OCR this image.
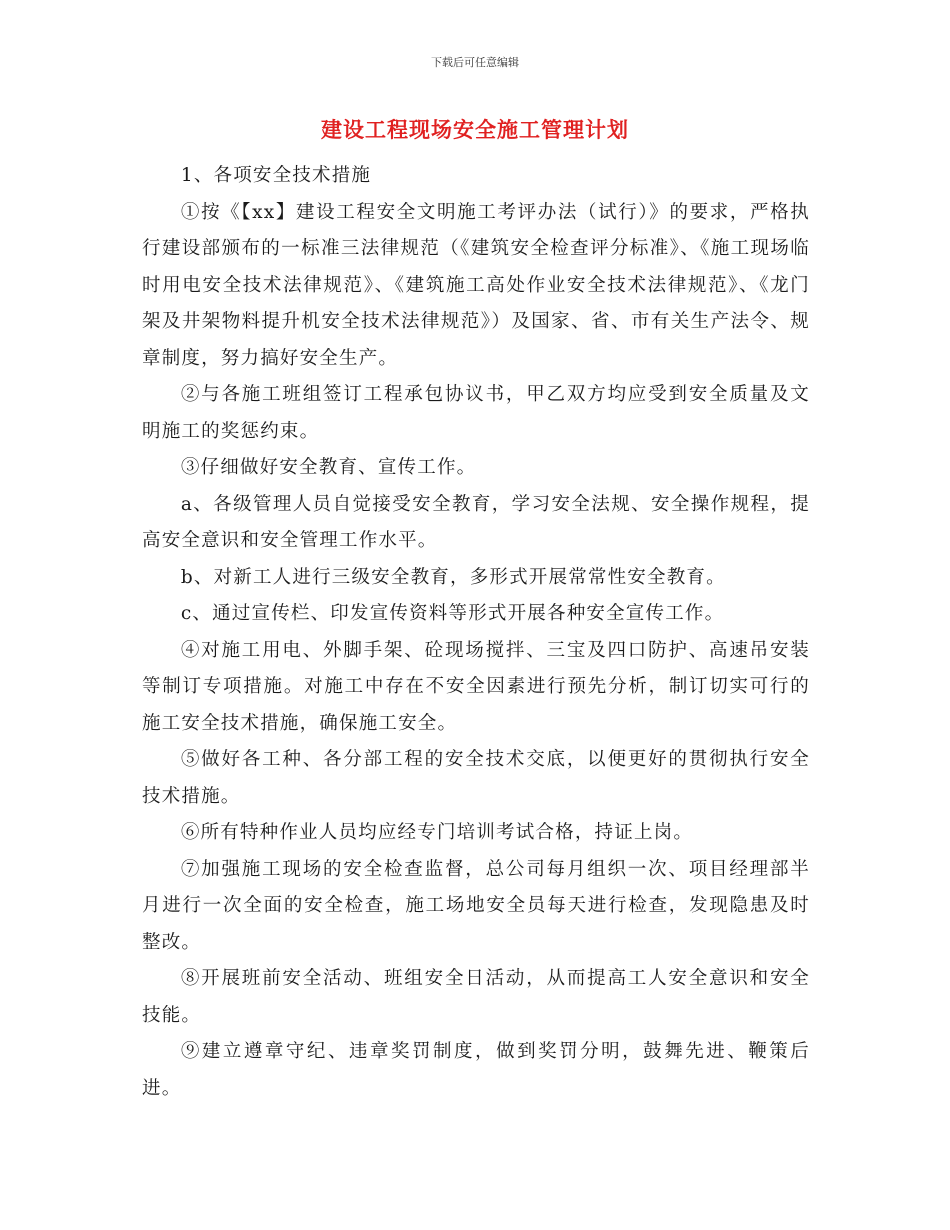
下载后可任意编辑
建设工程现场安全施工管理计划

1、各项安全技术措施

①按《【xx】建设工程安全文明施工考评办法（试行）》的要求，严格执行建设部颁布的一标准三法律规范（《建筑安全检查评分标准》、《施工现场临时用电安全技术法律规范》、《建筑施工高处作业安全技术法律规范》、《龙门架及井架物料提升机安全技术法律规范》）及国家、省、市有关生产法令、规章制度，努力搞好安全生产。

②与各施工班组签订工程承包协议书，甲乙双方均应受到安全质量及文明施工的奖惩约束。

③仔细做好安全教育、宣传工作。

a、各级管理人员自觉接受安全教育，学习安全法规、安全操作规程，提高安全意识和安全管理工作水平。

b、对新工人进行三级安全教育，多形式开展常常性安全教育。

c、通过宣传栏、印发宣传资料等形式开展各种安全宣传工作。

④对施工用电、外脚手架、砼现场搅拌、三宝及四口防护、高速吊安装等制订专项措施。对施工中存在不安全因素进行预先分析，制订切实可行的施工安全技术措施，确保施工安全。

⑤做好各工种、各分部工程的安全技术交底，以便更好的贯彻执行安全技术措施。

⑥所有特种作业人员均应经专门培训考试合格，持证上岗。

⑦加强施工现场的安全检查监督，总公司每月组织一次、项目经理部半月进行一次全面的安全检查，施工场地安全员每天进行检查，发现隐患及时整改。

⑧开展班前安全活动、班组安全日活动，从而提高工人安全意识和安全技能。

⑨建立遵章守纪、违章奖罚制度，做到奖罚分明，鼓舞先进、鞭策后进。
